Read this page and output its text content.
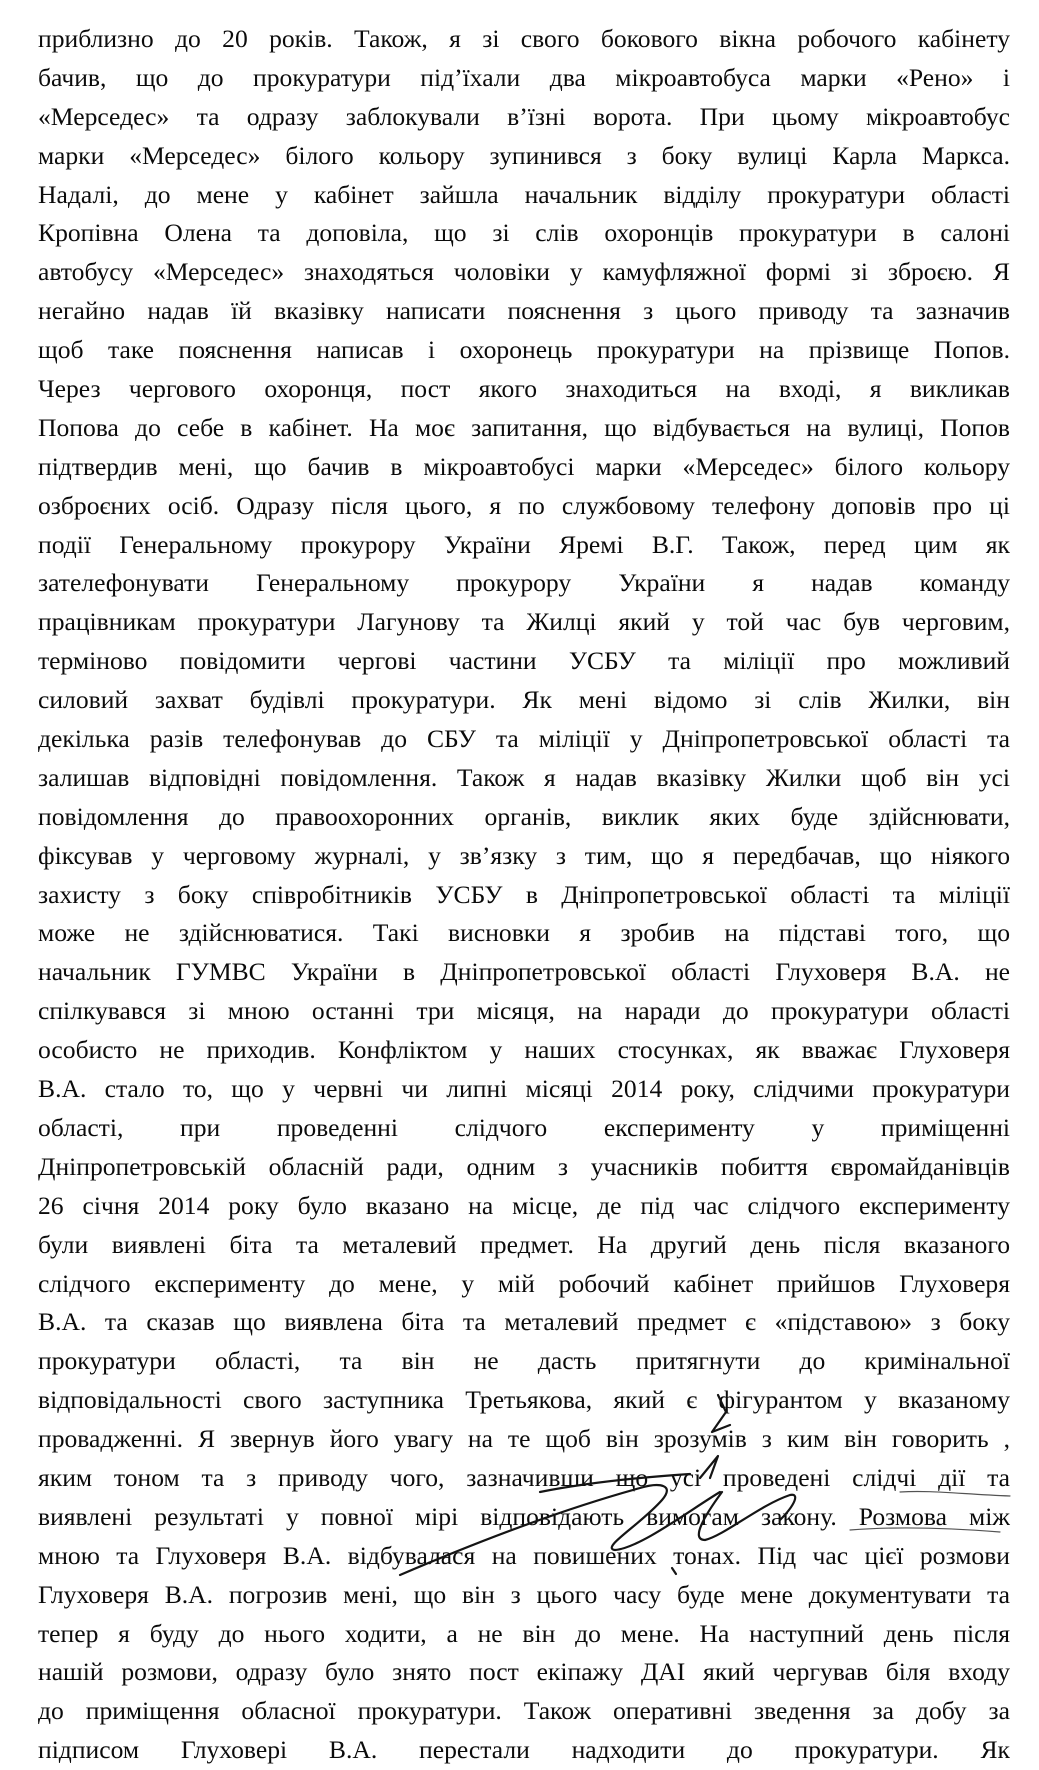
приблизно до 20 років. Також, я зі свого бокового вікна робочого кабінету
бачив, що до прокуратури під’їхали два мікроавтобуса марки «Рено» і
«Мерседес» та одразу заблокували в’їзні ворота. При цьому мікроавтобус
марки «Мерседес» білого кольору зупинився з боку вулиці Карла Маркса.
Надалі, до мене у кабінет зайшла начальник відділу прокуратури області
Кропівна Олена та доповіла, що зі слів охоронців прокуратури в салоні
автобусу «Мерседес» знаходяться чоловіки у камуфляжної формі зі зброєю. Я
негайно надав їй вказівку написати пояснення з цього приводу та зазначив
щоб таке пояснення написав і охоронець прокуратури на прізвище Попов.
Через чергового охоронця, пост якого знаходиться на вході, я викликав
Попова до себе в кабінет. На моє запитання, що відбувається на вулиці, Попов
підтвердив мені, що бачив в мікроавтобусі марки «Мерседес» білого кольору
озброєних осіб. Одразу після цього, я по службовому телефону доповів про ці
події Генеральному прокурору України Яремі В.Г. Також, перед цим як
зателефонувати Генеральному прокурору України я надав команду
працівникам прокуратури Лагунову та Жилці який у той час був черговим,
терміново повідомити чергові частини УСБУ та міліції про можливий
силовий захват будівлі прокуратури. Як мені відомо зі слів Жилки, він
декілька разів телефонував до СБУ та міліції у Дніпропетровської області та
залишав відповідні повідомлення. Також я надав вказівку Жилки щоб він усі
повідомлення до правоохоронних органів, виклик яких буде здійснювати,
фіксував у черговому журналі, у зв’язку з тим, що я передбачав, що ніякого
захисту з боку співробітників УСБУ в Дніпропетровської області та міліції
може не здійснюватися. Такі висновки я зробив на підставі того, що
начальник ГУМВС України в Дніпропетровської області Глуховеря В.А. не
спілкувався зі мною останні три місяця, на наради до прокуратури області
особисто не приходив. Конфліктом у наших стосунках, як вважає Глуховеря
В.А. стало то, що у червні чи липні місяці 2014 року, слідчими прокуратури
області, при проведенні слідчого експерименту у приміщенні
Дніпропетровській обласній ради, одним з учасників побиття євромайданівців
26 січня 2014 року було вказано на місце, де під час слідчого експерименту
були виявлені біта та металевий предмет. На другий день після вказаного
слідчого експерименту до мене, у мій робочий кабінет прийшов Глуховеря
В.А. та сказав що виявлена біта та металевий предмет є «підставою» з боку
прокуратури області, та він не дасть притягнути до кримінальної
відповідальності свого заступника Третьякова, який є фігурантом у вказаному
провадженні. Я звернув його увагу на те щоб він зрозумів з ким він говорить ,
яким тоном та з приводу чого, зазначивши що усі проведені слідчі дії та
виявлені результаті у повної мірі відповідають вимогам закону. Розмова між
мною та Глуховеря В.А. відбувалася на повишених тонах. Під час цієї розмови
Глуховеря В.А. погрозив мені, що він з цього часу буде мене документувати та
тепер я буду до нього ходити, а не він до мене. На наступний день після
нашій розмови, одразу було знято пост екіпажу ДАІ який чергував біля входу
до приміщення обласної прокуратури. Також оперативні зведення за добу за
підписом Глуховері В.А. перестали надходити до прокуратури. Як
